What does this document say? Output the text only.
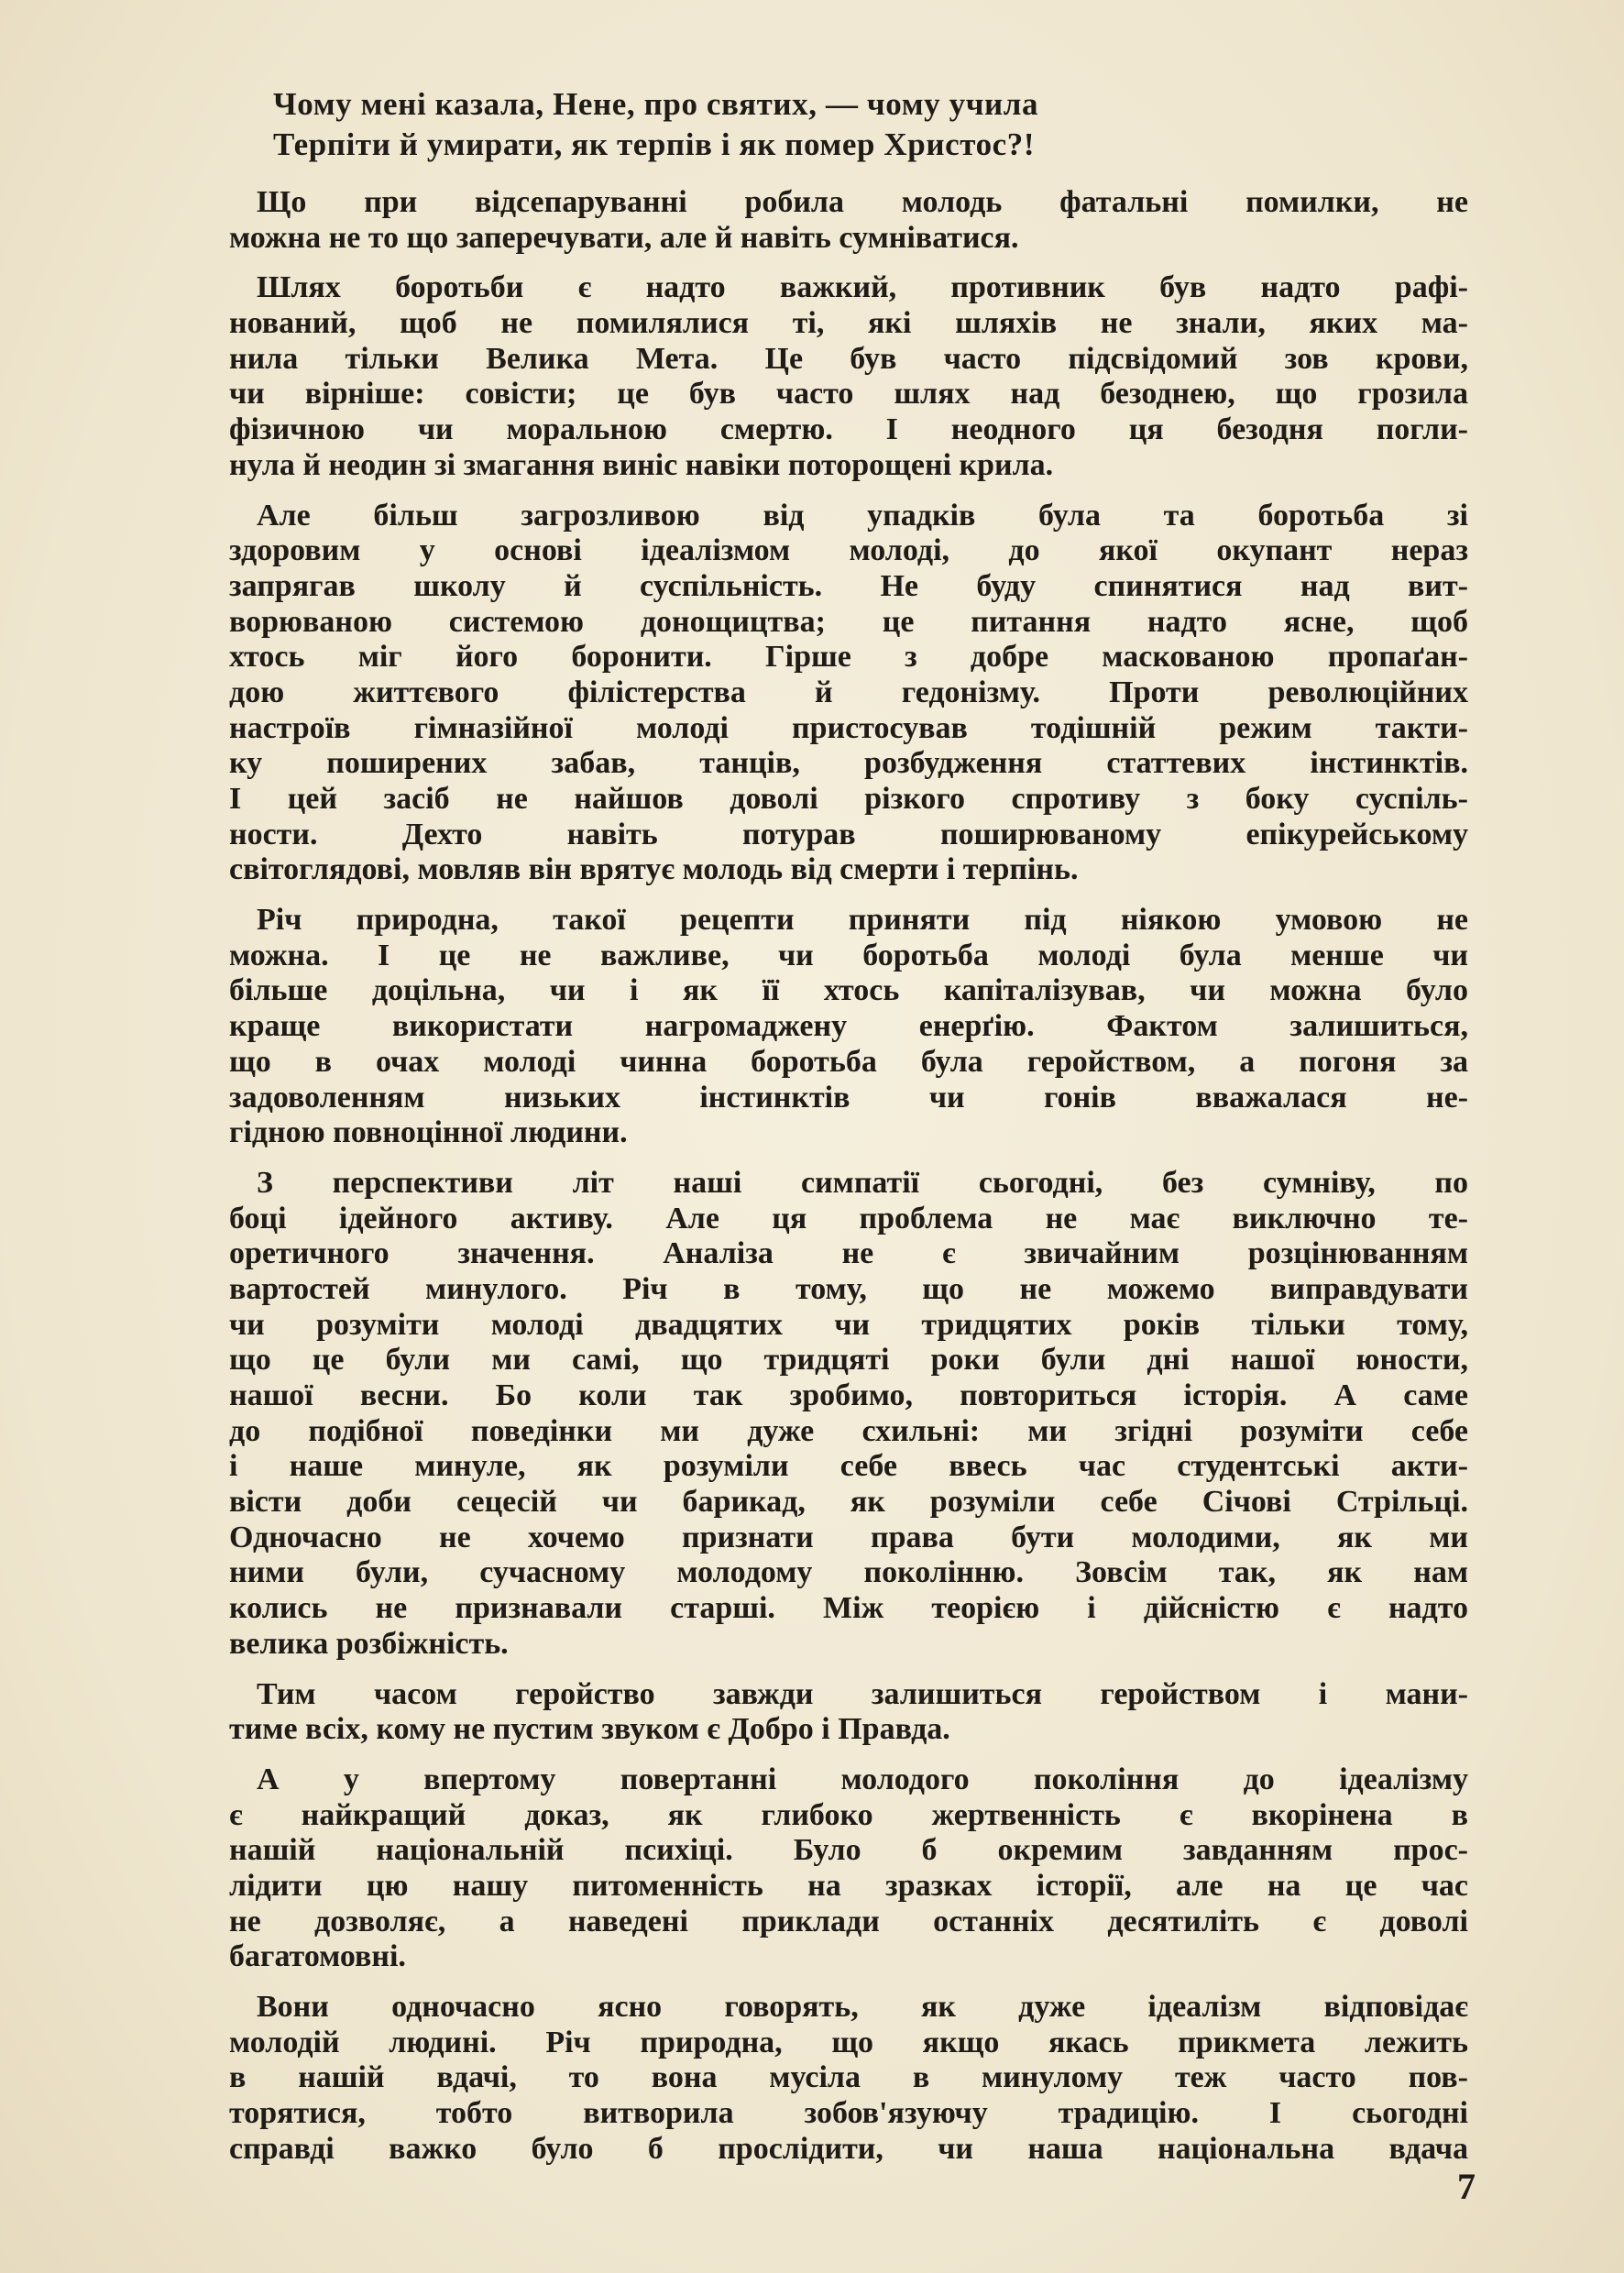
Чому мені казала, Нене, про святих, — чому учила
Терпіти й умирати, як терпів і як помер Христос?!
Що при відсепаруванні робила молодь фатальні помилки, не
можна не то що заперечувати, але й навіть сумніватися.
Шлях боротьби є надто важкий, противник був надто рафі-
нований, щоб не помилялися ті, які шляхів не знали, яких ма-
нила тільки Велика Мета. Це був часто підсвідомий зов крови,
чи вірніше: совісти; це був часто шлях над безоднею, що грозила
фізичною чи моральною смертю. І неодного ця безодня погли-
нула й неодин зі змагання виніс навіки поторощені крила.
Але більш загрозливою від упадків була та боротьба зі
здоровим у основі ідеалізмом молоді, до якої окупант нераз
запрягав школу й суспільність. Не буду спинятися над вит-
ворюваною системою донощицтва; це питання надто ясне, щоб
хтось міг його боронити. Гірше з добре маскованою пропаґан-
дою життєвого філістерства й гедонізму. Проти революційних
настроїв гімназійної молоді пристосував тодішній режим такти-
ку поширених забав, танців, розбудження статтевих інстинктів.
І цей засіб не найшов доволі різкого спротиву з боку суспіль-
ности. Дехто навіть потурав поширюваному епікурейському
світоглядові, мовляв він врятує молодь від смерти і терпінь.
Річ природна, такої рецепти приняти під ніякою умовою не
можна. І це не важливе, чи боротьба молоді була менше чи
більше доцільна, чи і як її хтось капіталізував, чи можна було
краще використати нагромаджену енерґію. Фактом залишиться,
що в очах молоді чинна боротьба була геройством, а погоня за
задоволенням низьких інстинктів чи гонів вважалася не-
гідною повноцінної людини.
З перспективи літ наші симпатії сьогодні, без сумніву, по
боці ідейного активу. Але ця проблема не має виключно те-
оретичного значення. Аналіза не є звичайним розцінюванням
вартостей минулого. Річ в тому, що не можемо виправдувати
чи розуміти молоді двадцятих чи тридцятих років тільки тому,
що це були ми самі, що тридцяті роки були дні нашої юности,
нашої весни. Бо коли так зробимо, повториться історія. А саме
до подібної поведінки ми дуже схильні: ми згідні розуміти себе
і наше минуле, як розуміли себе ввесь час студентські акти-
вісти доби сецесій чи барикад, як розуміли себе Січові Стрільці.
Одночасно не хочемо признати права бути молодими, як ми
ними були, сучасному молодому поколінню. Зовсім так, як нам
колись не признавали старші. Між теорією і дійсністю є надто
велика розбіжність.
Тим часом геройство завжди залишиться геройством і мани-
тиме всіх, кому не пустим звуком є Добро і Правда.
А у впертому повертанні молодого покоління до ідеалізму
є найкращий доказ, як глибоко жертвенність є вкорінена в
нашій національній психіці. Було б окремим завданням прос-
лідити цю нашу питоменність на зразках історії, але на це час
не дозволяє, а наведені приклади останніх десятиліть є доволі
багатомовні.
Вони одночасно ясно говорять, як дуже ідеалізм відповідає
молодій людині. Річ природна, що якщо якась прикмета лежить
в нашій вдачі, то вона мусіла в минулому теж часто пов-
торятися, тобто витворила зобов'язуючу традицію. І сьогодні
справді важко було б прослідити, чи наша національна вдача
7
